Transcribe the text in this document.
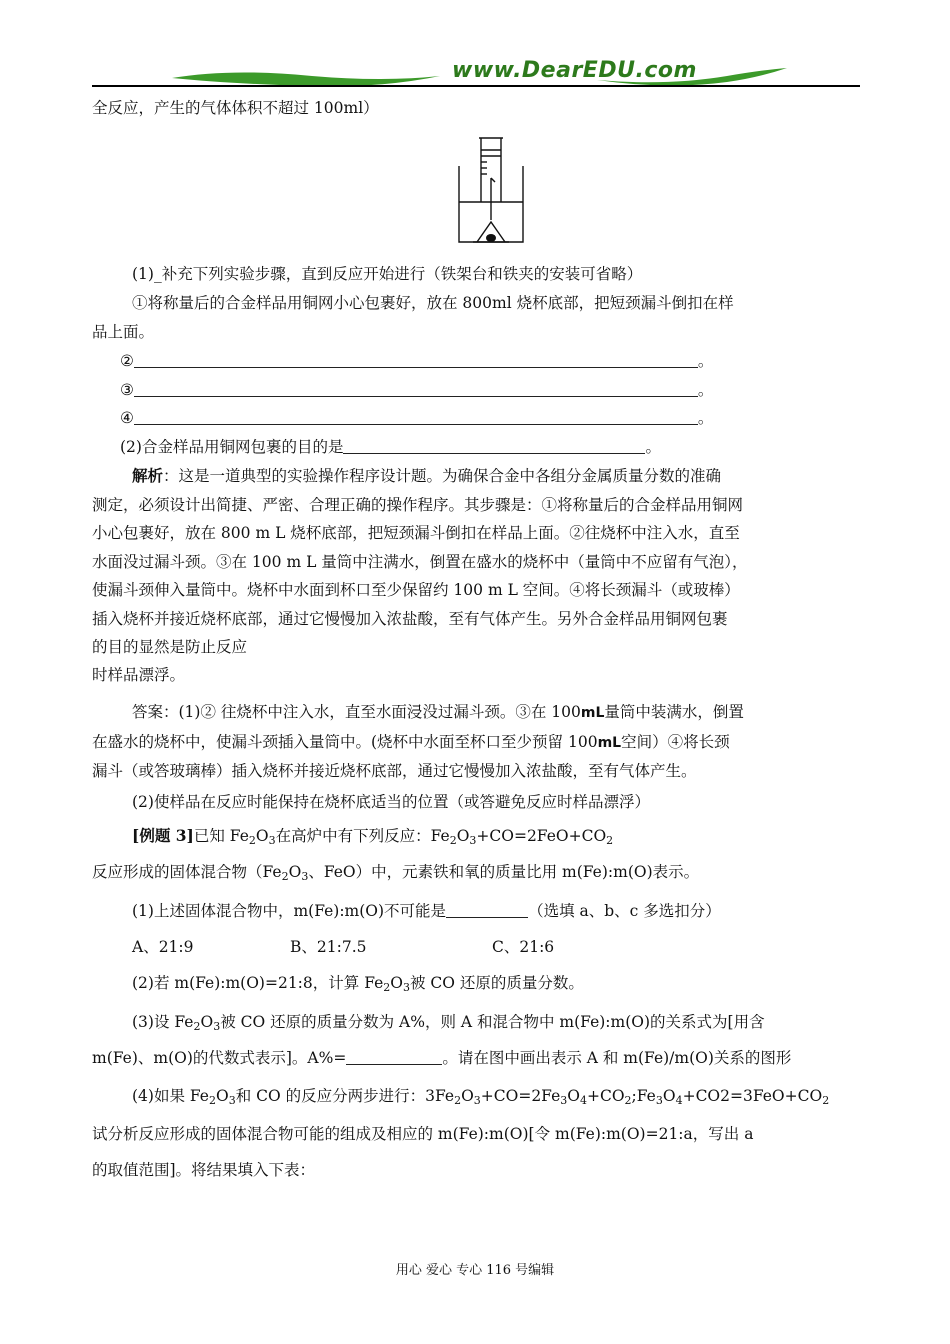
www.DearEDU.com
全反应，产生的气体体积不超过 100ml）
(1)_补充下列实验步骤，直到反应开始进行（铁架台和铁夹的安装可省略）
①将称量后的合金样品用铜网小心包裹好，放在 800ml 烧杯底部，把短颈漏斗倒扣在样
品上面。
②	。
③	。
④	。
(2)合金样品用铜网包裹的目的是	。
解析：这是一道典型的实验操作程序设计题。为确保合金中各组分金属质量分数的准确
测定，必须设计出简捷、严密、合理正确的操作程序。其步骤是：①将称量后的合金样品用铜网
小心包裹好，放在 800 m L 烧杯底部，把短颈漏斗倒扣在样品上面。②往烧杯中注入水，直至
水面没过漏斗颈。③在 100 m L 量筒中注满水，倒置在盛水的烧杯中（量筒中不应留有气泡），
使漏斗颈伸入量筒中。烧杯中水面到杯口至少保留约 100 m L 空间。④将长颈漏斗（或玻棒）
插入烧杯并接近烧杯底部，通过它慢慢加入浓盐酸，至有气体产生。另外合金样品用铜网包裹
的目的显然是防止反应
时样品漂浮。
答案：(1)② 往烧杯中注入水，直至水面浸没过漏斗颈。③在 100mL量筒中装满水，倒置
在盛水的烧杯中，使漏斗颈插入量筒中。(烧杯中水面至杯口至少预留 100mL空间）④将长颈
漏斗（或答玻璃棒）插入烧杯并接近烧杯底部，通过它慢慢加入浓盐酸，至有气体产生。
(2)使样品在反应时能保持在烧杯底适当的位置（或答避免反应时样品漂浮）
[例题 3]已知 $Fe_2O_3$在高炉中有下列反应：$Fe_2O_3+CO=2FeO+CO_2$
反应形成的固体混合物（$Fe_2O_3$、FeO）中，元素铁和氧的质量比用 m(Fe):m(O)表示。
(1)上述固体混合物中，m(Fe):m(O)不可能是	（选填 a、b、c 多选扣分）
A、21:9	B、21:7.5	C、21:6
(2)若 m(Fe):m(O)=21:8，计算 $Fe_2O_3$被 CO 还原的质量分数。
(3)设 $Fe_2O_3$被 CO 还原的质量分数为 A%，则 A 和混合物中 m(Fe):m(O)的关系式为[用含
m(Fe)、m(O)的代数式表示]。A%=	。请在图中画出表示 A 和 m(Fe)/m(O)关系的图形
(4)如果 $Fe_2O_3$和 CO 的反应分两步进行：$3Fe_2O_3+CO=2Fe_3O_4+CO_2;Fe_3O_4+CO2=3FeO+CO_2$
试分析反应形成的固体混合物可能的组成及相应的 m(Fe):m(O)[令 m(Fe):m(O)=21:a，写出 a
的取值范围]。将结果填入下表：
用心 爱心 专心 116 号编辑
